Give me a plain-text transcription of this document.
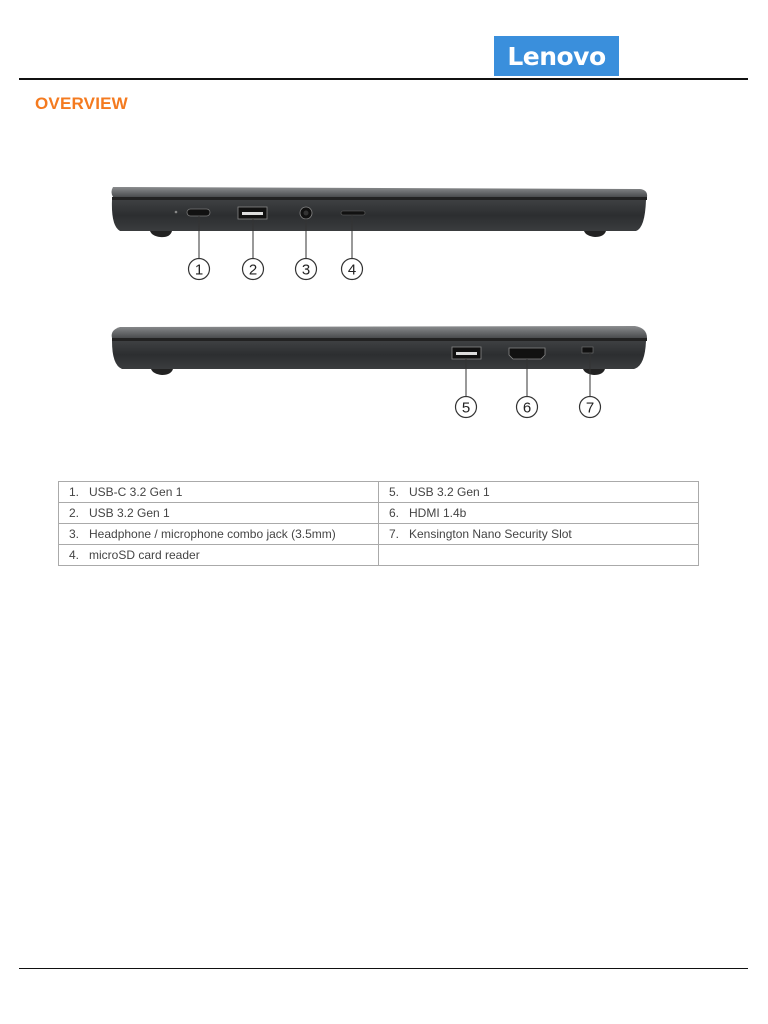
Lenovo
OVERVIEW
1	2	3	4
5	6	7
1. USB-C 3.2 Gen 1	5. USB 3.2 Gen 1
2. USB 3.2 Gen 1	6. HDMI 1.4b
3. Headphone / microphone combo jack (3.5mm)	7. Kensington Nano Security Slot
4. microSD card reader	
